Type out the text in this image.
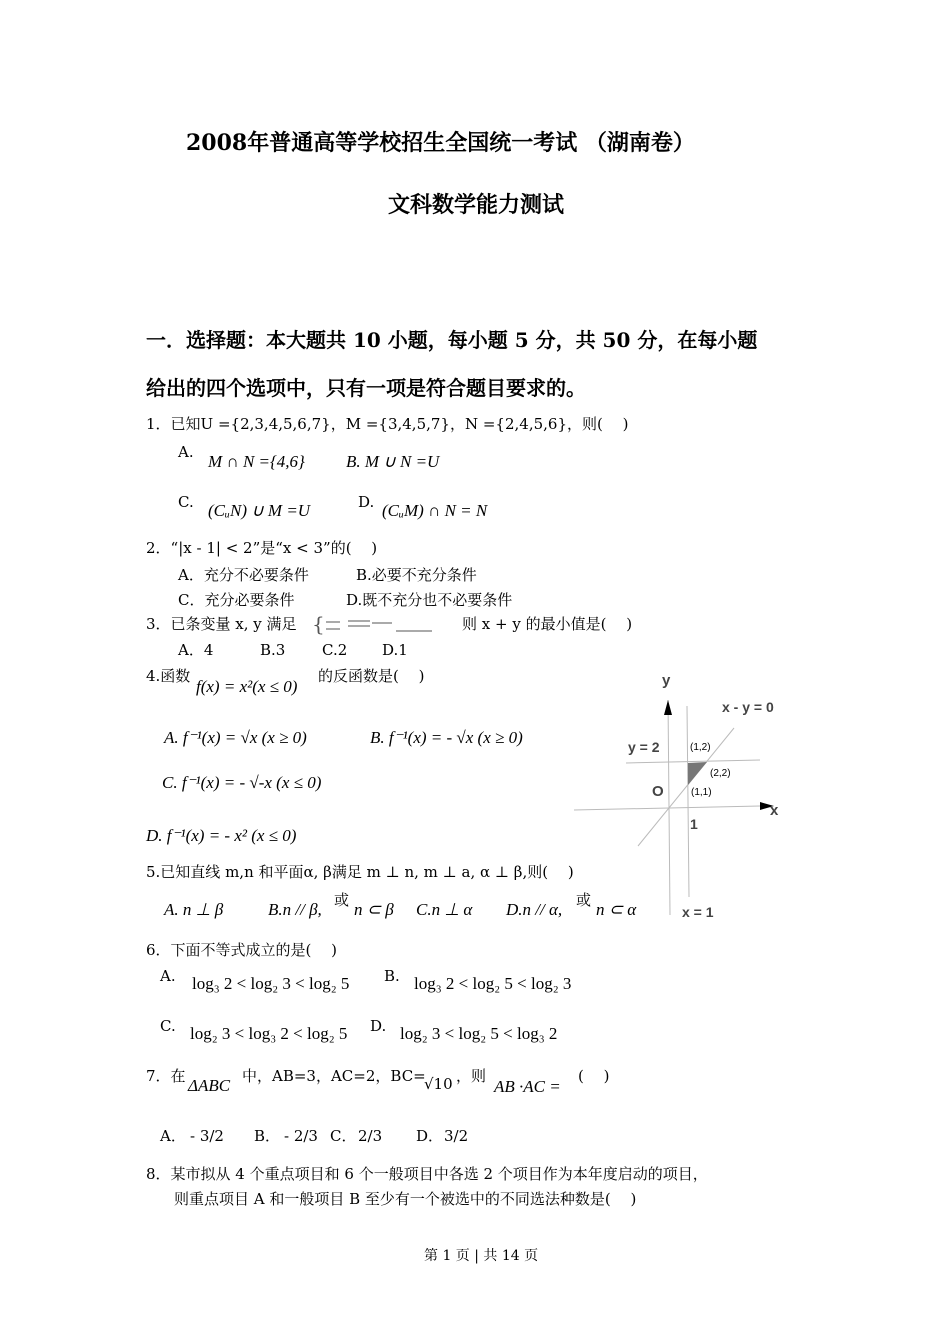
2008年普通高等学校招生全国统一考试 （湖南卷）
文科数学能力测试
一．选择题：本大题共 10 小题，每小题 5 分，共 50 分，在每小题
给出的四个选项中，只有一项是符合题目要求的。
1．已知U ={2,3,4,5,6,7}，M ={3,4,5,7}，N ={2,4,5,6}，则(　 )
A. M ∩ N ={4,6} B. M ∪ N =U
C. (CᵤN) ∪ M =U	D. (CᵤM) ∩ N = N
2．“|x - 1| < 2”是“x < 3”的(　 )
A．充分不必要条件	B.必要不充分条件
C．充分必要条件	D.既不充分也不必要条件
3．已条变量 x, y 满足 {	则 x + y 的最小值是(　 )
A．4	B.3 C.2 D.1
4.函数
f(x) = x²(x ≤ 0)
的反函数是(　 )
A. f⁻¹(x) = √x (x ≥ 0)	B. f⁻¹(x) = - √x (x ≥ 0)
C. f⁻¹(x) = - √-x (x ≤ 0)
D. f⁻¹(x) = - x² (x ≤ 0)
y
x
O
x - y = 0
y = 2
x = 1
1
(1,2)
(2,2)
(1,1)
5.已知直线 m,n 和平面α, β满足 m ⊥ n, m ⊥ a, α ⊥ β,则(　 )
A. n ⊥ β	B.n // β, 或 n ⊂ β C.n ⊥ α D.n // α, 或 n ⊂ α
6．下面不等式成立的是(　 )
A. log₃ 2 < log₂ 3 < log₂ 5 B. log₃ 2 < log₂ 5 < log₂ 3
C. log₂ 3 < log₃ 2 < log₂ 5 D. log₂ 3 < log₂ 5 < log₃ 2
7．在 ΔABC 中，AB=3，AC=2，BC=
√10 ，则
AB ·AC =
(　 )
A． - 3/2 B． - 2/3 C． 2/3 D． 3/2
8．某市拟从 4 个重点项目和 6 个一般项目中各选 2 个项目作为本年度启动的项目，
则重点项目 A 和一般项目 B 至少有一个被选中的不同选法种数是(　 )
第 1 页 | 共 14 页
